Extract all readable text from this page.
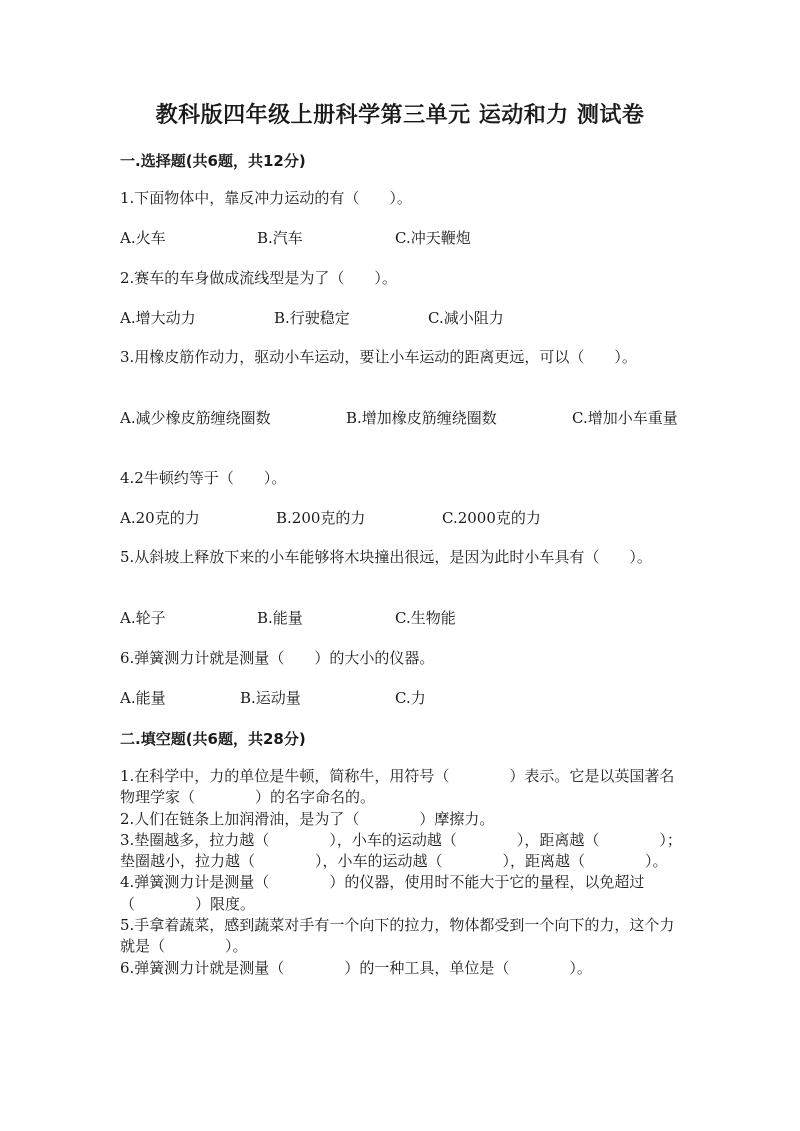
教科版四年级上册科学第三单元 运动和力 测试卷
一.选择题(共6题，共12分)
1.下面物体中，靠反冲力运动的有（　　）。
A.火车	B.汽车	C.冲天鞭炮
2.赛车的车身做成流线型是为了（　　）。
A.增大动力	B.行驶稳定	C.减小阻力
3.用橡皮筋作动力，驱动小车运动，要让小车运动的距离更远，可以（　　）。
A.减少橡皮筋缠绕圈数	B.增加橡皮筋缠绕圈数	C.增加小车重量
4.2牛顿约等于（　　）。
A.20克的力	B.200克的力	C.2000克的力
5.从斜坡上释放下来的小车能够将木块撞出很远，是因为此时小车具有（　　）。
A.轮子	B.能量	C.生物能
6.弹簧测力计就是测量（　　）的大小的仪器。
A.能量	B.运动量	C.力
二.填空题(共6题，共28分)

1.在科学中，力的单位是牛顿，简称牛，用符号（　　　　）表示。它是以英国著名物理学家（　　　　）的名字命名的。

2.人们在链条上加润滑油，是为了（　　　　）摩擦力。

3.垫圈越多，拉力越（　　　　），小车的运动越（　　　　），距离越（　　　　）；垫圈越小，拉力越（　　　　），小车的运动越（　　　　），距离越（　　　　）。

4.弹簧测力计是测量（　　　　）的仪器，使用时不能大于它的量程，以免超过（　　　　）限度。

5.手拿着蔬菜，感到蔬菜对手有一个向下的拉力，物体都受到一个向下的力，这个力就是（　　　　）。

6.弹簧测力计就是测量（　　　　）的一种工具，单位是（　　　　）。
